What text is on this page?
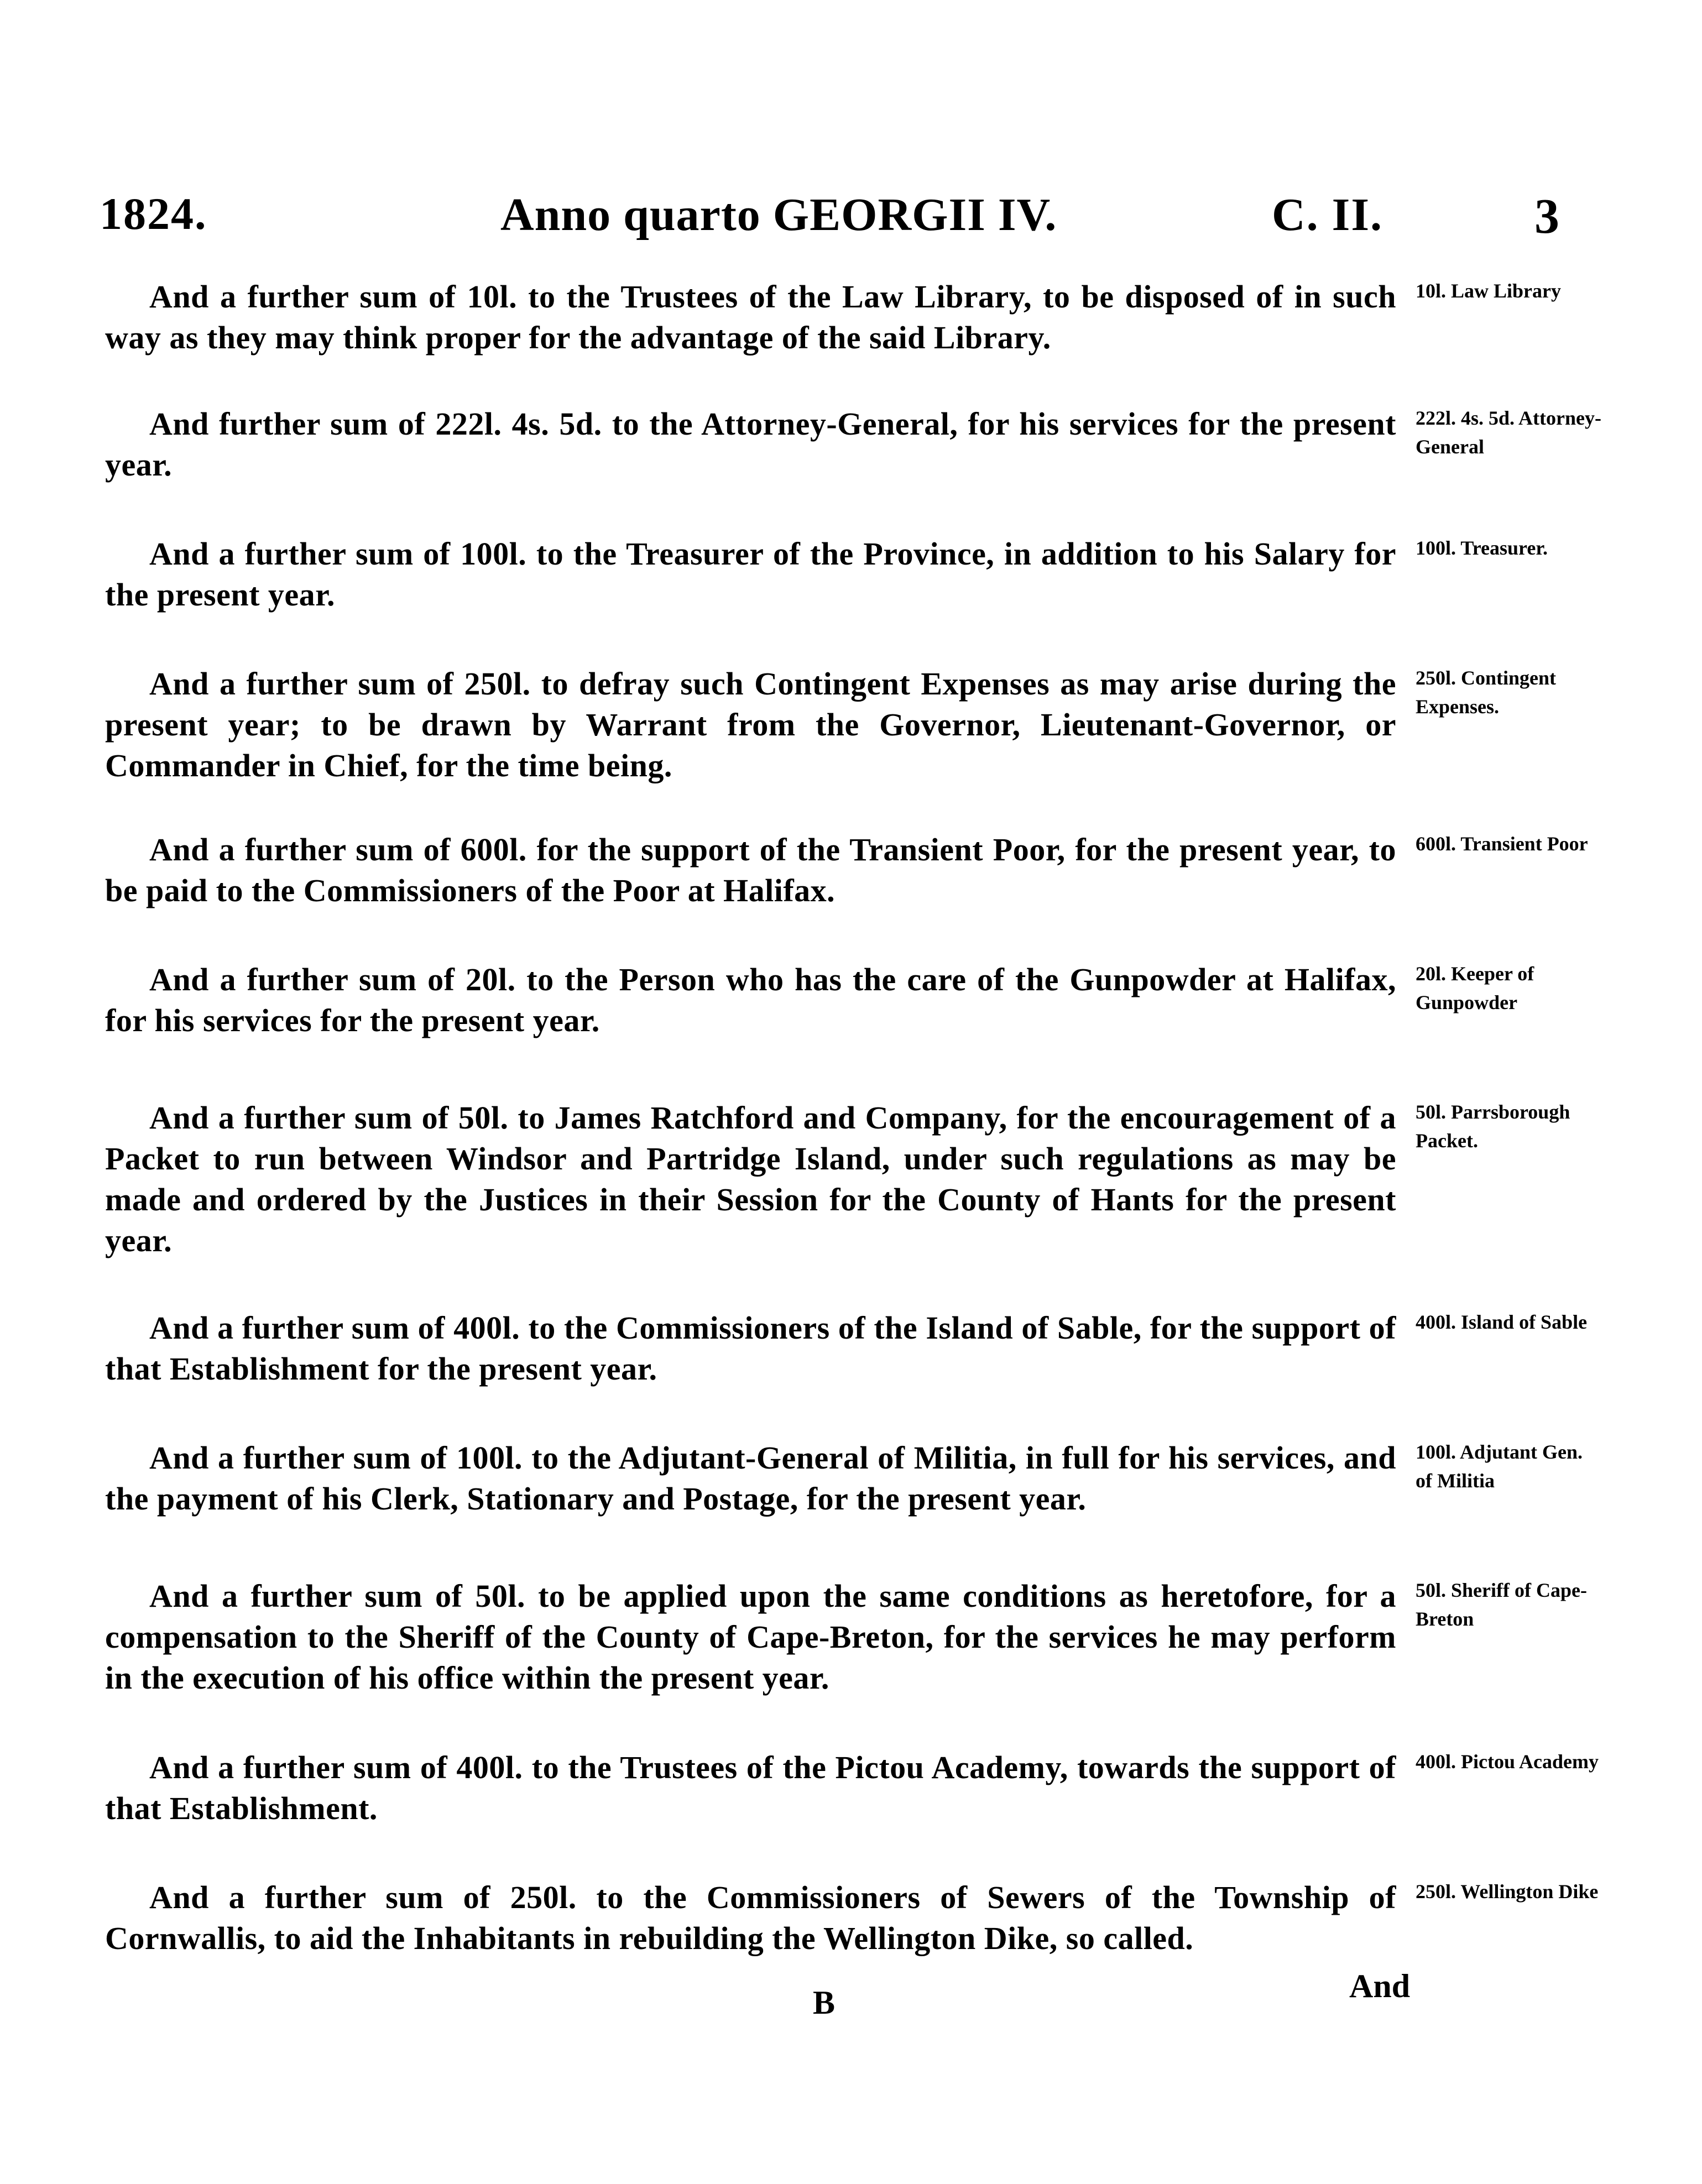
1824.	Anno quarto GEORGII IV.	C. II.	3

And a further sum of 10l. to the Trustees of the Law Library, to be disposed of in such way as they may think proper for the advantage of the said Library.

10l. Law Library

And further sum of 222l. 4s. 5d. to the Attorney-General, for his services for the present year.

222l. 4s. 5d. Attorney-General

And a further sum of 100l. to the Treasurer of the Province, in addition to his Salary for the present year.

100l. Treasurer.

And a further sum of 250l. to defray such Contingent Expenses as may arise during the present year; to be drawn by Warrant from the Governor, Lieutenant-Governor, or Commander in Chief, for the time being.

250l. Contingent Expenses.

And a further sum of 600l. for the support of the Transient Poor, for the present year, to be paid to the Commissioners of the Poor at Halifax.

600l. Transient Poor

And a further sum of 20l. to the Person who has the care of the Gunpowder at Halifax, for his services for the present year.

20l. Keeper of Gunpowder

And a further sum of 50l. to James Ratchford and Company, for the encouragement of a Packet to run between Windsor and Partridge Island, under such regulations as may be made and ordered by the Justices in their Session for the County of Hants for the present year.

50l. Parrsborough Packet.

And a further sum of 400l. to the Commissioners of the Island of Sable, for the support of that Establishment for the present year.

400l. Island of Sable

And a further sum of 100l. to the Adjutant-General of Militia, in full for his services, and the payment of his Clerk, Stationary and Postage, for the present year.

100l. Adjutant Gen. of Militia

And a further sum of 50l. to be applied upon the same conditions as heretofore, for a compensation to the Sheriff of the County of Cape-Breton, for the services he may perform in the execution of his office within the present year.

50l. Sheriff of Cape-Breton

And a further sum of 400l. to the Trustees of the Pictou Academy, towards the support of that Establishment.

400l. Pictou Academy

And a further sum of 250l. to the Commissioners of Sewers of the Township of Cornwallis, to aid the Inhabitants in rebuilding the Wellington Dike, so called.

250l. Wellington Dike

B	And
